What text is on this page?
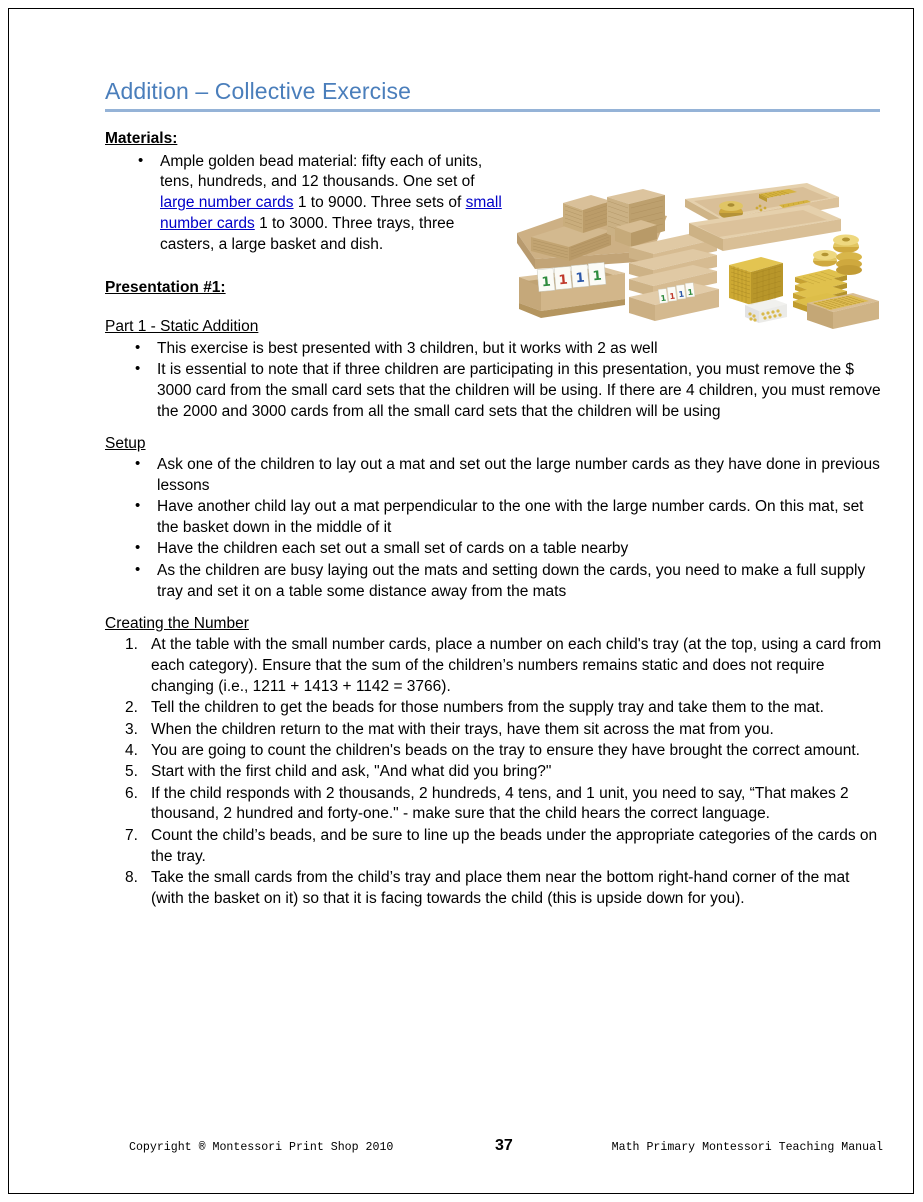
Addition – Collective Exercise
Materials:
• Ample golden bead material: fifty each of units, tens, hundreds, and 12 thousands. One set of large number cards 1 to 9000. Three sets of small number cards 1 to 3000. Three trays, three casters, a large basket and dish.
1 1 1 1
1 1 1 1
Presentation #1:
Part 1 - Static Addition
• This exercise is best presented with 3 children, but it works with 2 as well
• It is essential to note that if three children are participating in this presentation, you must remove the $ 3000 card from the small card sets that the children will be using. If there are 4 children, you must remove the 2000 and 3000 cards from all the small card sets that the children will be using
Setup
• Ask one of the children to lay out a mat and set out the large number cards as they have done in previous lessons
• Have another child lay out a mat perpendicular to the one with the large number cards. On this mat, set the basket down in the middle of it
• Have the children each set out a small set of cards on a table nearby
• As the children are busy laying out the mats and setting down the cards, you need to make a full supply tray and set it on a table some distance away from the mats
Creating the Number
At the table with the small number cards, place a number on each child's tray (at the top, using a card from each category). Ensure that the sum of the children’s numbers remains static and does not require changing (i.e., 1211 + 1413 + 1142 = 3766).
Tell the children to get the beads for those numbers from the supply tray and take them to the mat.
When the children return to the mat with their trays, have them sit across the mat from you.
You are going to count the children's beads on the tray to ensure they have brought the correct amount.
Start with the first child and ask, "And what did you bring?"
If the child responds with 2 thousands, 2 hundreds, 4 tens, and 1 unit, you need to say, “That makes 2 thousand, 2 hundred and forty-one." - make sure that the child hears the correct language.
Count the child’s beads, and be sure to line up the beads under the appropriate categories of the cards on the tray.
Take the small cards from the child’s tray and place them near the bottom right-hand corner of the mat (with the basket on it) so that it is facing towards the child (this is upside down for you).
Copyright ® Montessori Print Shop 2010	37	Math Primary Montessori Teaching Manual
